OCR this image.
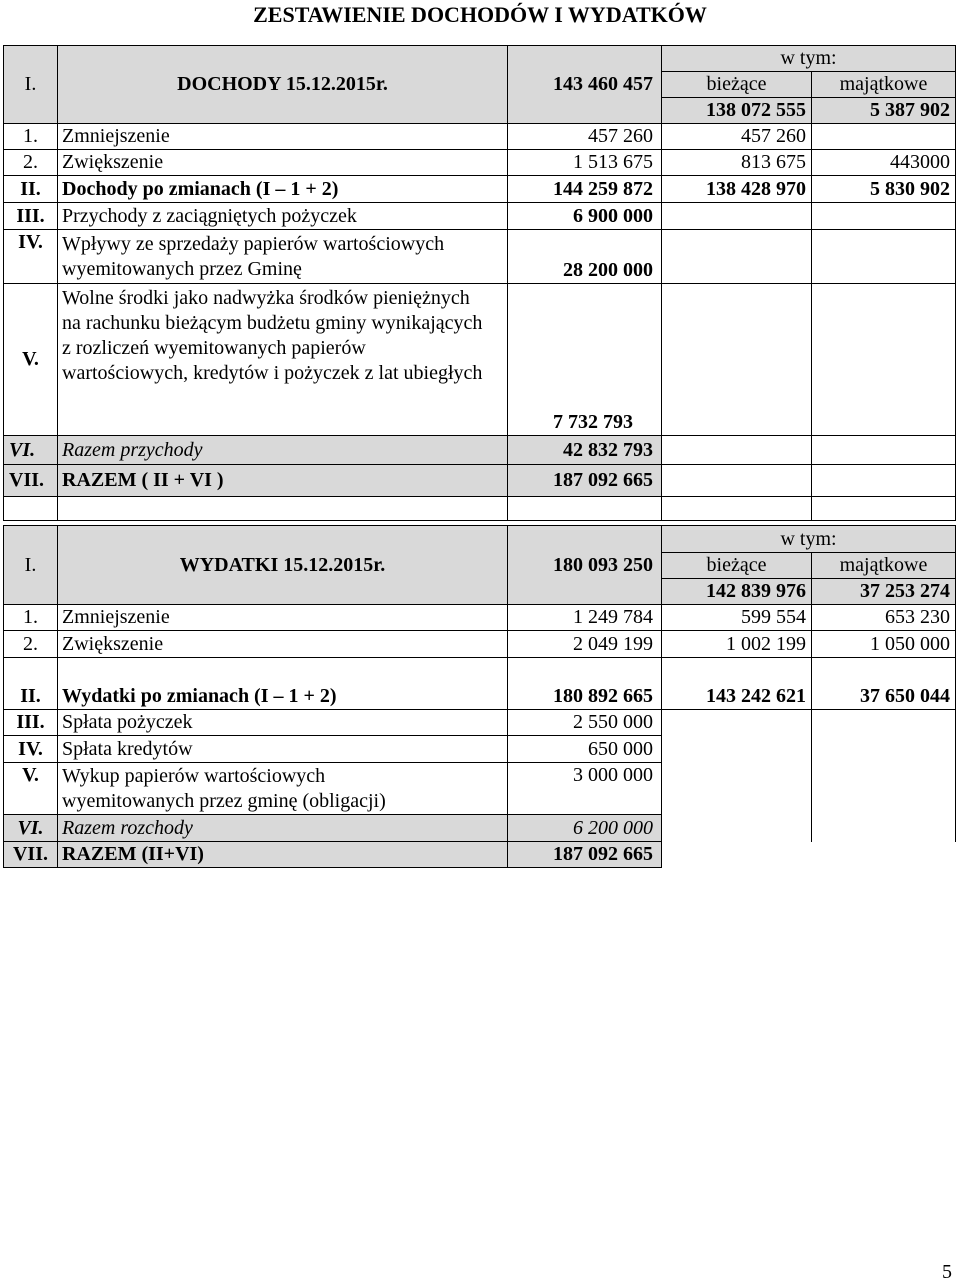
ZESTAWIENIE DOCHODÓW I WYDATKÓW
I.	DOCHODY 15.12.2015r.	143 460 457	w tym:	
			bieżące	majątkowe
			138 072 555	5 387 902
1.	Zmniejszenie	457 260	457 260	
2.	Zwiększenie	1 513 675	813 675	443000
II.	Dochody po zmianach (I – 1 + 2)	144 259 872	138 428 970	5 830 902
III.	Przychody z zaciągniętych pożyczek	6 900 000		
IV.	Wpływy ze sprzedaży papierów wartościowych wyemitowanych przez Gminę	28 200 000		
V.	Wolne środki jako nadwyżka środków pieniężnych na rachunku bieżącym budżetu gminy wynikających z rozliczeń wyemitowanych papierów wartościowych, kredytów i pożyczek z lat ubiegłych	7 732 793		
VI.	Razem przychody	42 832 793		
VII.	RAZEM ( II + VI )	187 092 665		

I.	WYDATKI 15.12.2015r.	180 093 250	w tym:	
			bieżące	majątkowe
			142 839 976	37 253 274
1.	Zmniejszenie	1 249 784	599 554	653 230
2.	Zwiększenie	2 049 199	1 002 199	1 050 000
II.	Wydatki po zmianach (I – 1 + 2)	180 892 665	143 242 621	37 650 044
III.	Spłata pożyczek	2 550 000		
IV.	Spłata kredytów	650 000		
V.	Wykup papierów wartościowych wyemitowanych przez gminę (obligacji)	3 000 000		
VI.	Razem rozchody	6 200 000		
VII.	RAZEM (II+VI)	187 092 665		
5
